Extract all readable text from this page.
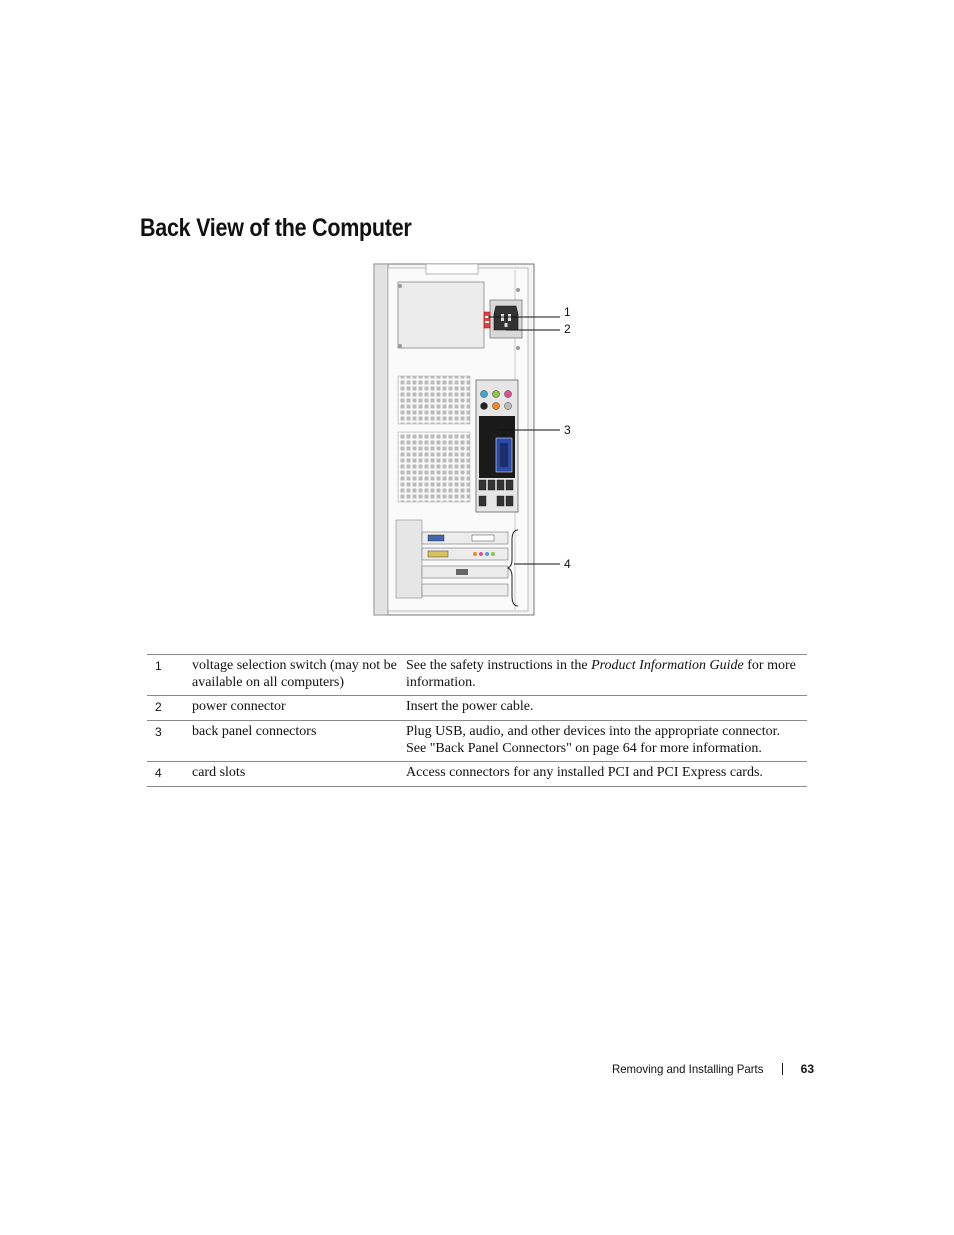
Back View of the Computer
1
2
3
4
1	voltage selection switch (may not be available on all computers)	See the safety instructions in the Product Information Guide for more information.
2	power connector	Insert the power cable.
3	back panel connectors	Plug USB, audio, and other devices into the appropriate connector. See "Back Panel Connectors" on page 64 for more information.
4	card slots	Access connectors for any installed PCI and PCI Express cards.
Removing and Installing Parts	63
